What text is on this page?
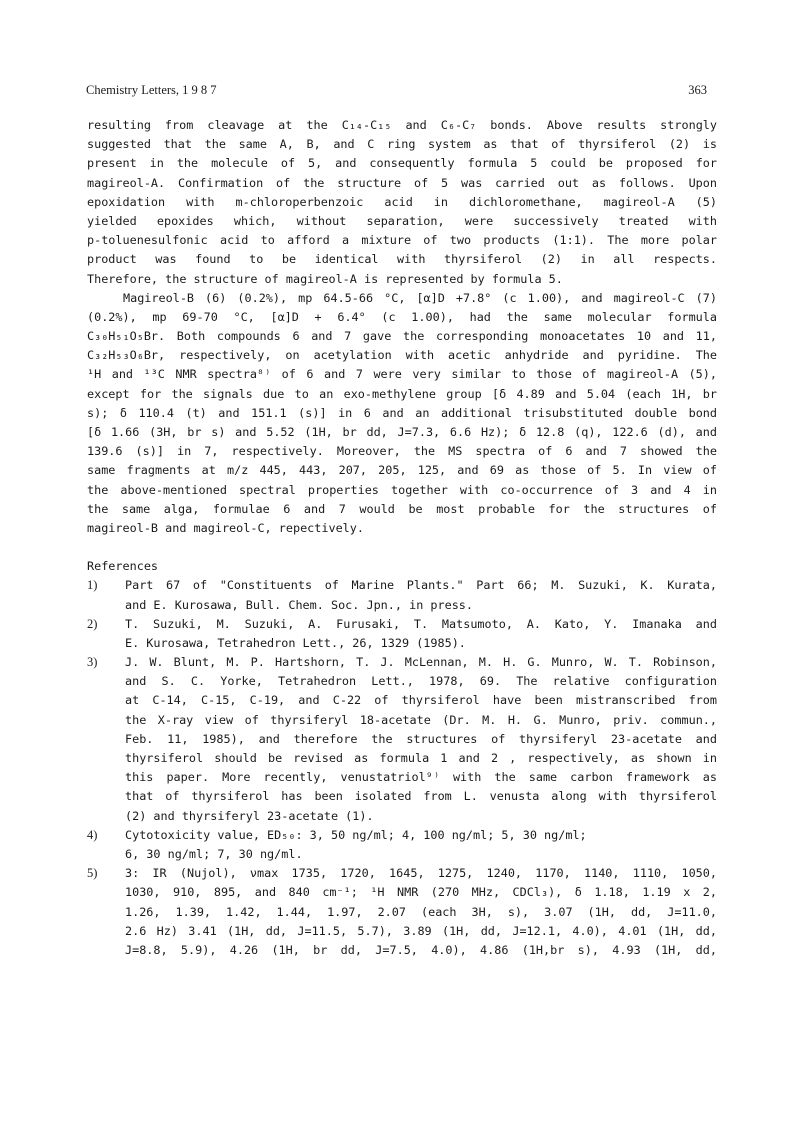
Chemistry Letters, 1 9 8 7	363
resulting from cleavage at the C₁₄-C₁₅ and C₆-C₇ bonds. Above results strongly
suggested that the same A, B, and C ring system as that of thyrsiferol (2) is
present in the molecule of 5, and consequently formula 5 could be proposed for
magireol-A. Confirmation of the structure of 5 was carried out as follows. Upon
epoxidation with m-chloroperbenzoic acid in dichloromethane, magireol-A (5)
yielded epoxides which, without separation, were successively treated with
p-toluenesulfonic acid to afford a mixture of two products (1:1). The more polar
product was found to be identical with thyrsiferol (2) in all respects.
Therefore, the structure of magireol-A is represented by formula 5.
Magireol-B (6) (0.2%), mp 64.5-66 °C, [α]D +7.8° (c 1.00), and magireol-C (7)
(0.2%), mp 69-70 °C, [α]D + 6.4° (c 1.00), had the same molecular formula
C₃₀H₅₁O₅Br. Both compounds 6 and 7 gave the corresponding monoacetates 10 and 11,
C₃₂H₅₃O₆Br, respectively, on acetylation with acetic anhydride and pyridine. The
¹H and ¹³C NMR spectra⁸⁾ of 6 and 7 were very similar to those of magireol-A (5),
except for the signals due to an exo-methylene group [δ 4.89 and 5.04 (each 1H, br
s); δ 110.4 (t) and 151.1 (s)] in 6 and an additional trisubstituted double bond
[δ 1.66 (3H, br s) and 5.52 (1H, br dd, J=7.3, 6.6 Hz); δ 12.8 (q), 122.6 (d), and
139.6 (s)] in 7, respectively. Moreover, the MS spectra of 6 and 7 showed the
same fragments at m/z 445, 443, 207, 205, 125, and 69 as those of 5. In view of
the above-mentioned spectral properties together with co-occurrence of 3 and 4 in
the same alga, formulae 6 and 7 would be most probable for the structures of
magireol-B and magireol-C, repectively.
References
1)	Part 67 of "Constituents of Marine Plants." Part 66; M. Suzuki, K. Kurata,
and E. Kurosawa, Bull. Chem. Soc. Jpn., in press.
2)	T. Suzuki, M. Suzuki, A. Furusaki, T. Matsumoto, A. Kato, Y. Imanaka and
E. Kurosawa, Tetrahedron Lett., 26, 1329 (1985).
3)	J. W. Blunt, M. P. Hartshorn, T. J. McLennan, M. H. G. Munro, W. T. Robinson,
and S. C. Yorke, Tetrahedron Lett., 1978, 69. The relative configuration
at C-14, C-15, C-19, and C-22 of thyrsiferol have been mistranscribed from
the X-ray view of thyrsiferyl 18-acetate (Dr. M. H. G. Munro, priv. commun.,
Feb. 11, 1985), and therefore the structures of thyrsiferyl 23-acetate and
thyrsiferol should be revised as formula 1 and 2 , respectively, as shown in
this paper. More recently, venustatriol⁹⁾ with the same carbon framework as
that of thyrsiferol has been isolated from L. venusta along with thyrsiferol
(2) and thyrsiferyl 23-acetate (1).
4)	Cytotoxicity value, ED₅₀: 3, 50 ng/ml; 4, 100 ng/ml; 5, 30 ng/ml;
6, 30 ng/ml; 7, 30 ng/ml.
5)	3: IR (Nujol), νmax 1735, 1720, 1645, 1275, 1240, 1170, 1140, 1110, 1050,
1030, 910, 895, and 840 cm⁻¹; ¹H NMR (270 MHz, CDCl₃), δ 1.18, 1.19 x 2,
1.26, 1.39, 1.42, 1.44, 1.97, 2.07 (each 3H, s), 3.07 (1H, dd, J=11.0,
2.6 Hz) 3.41 (1H, dd, J=11.5, 5.7), 3.89 (1H, dd, J=12.1, 4.0), 4.01 (1H, dd,
J=8.8, 5.9), 4.26 (1H, br dd, J=7.5, 4.0), 4.86 (1H,br s), 4.93 (1H, dd,
